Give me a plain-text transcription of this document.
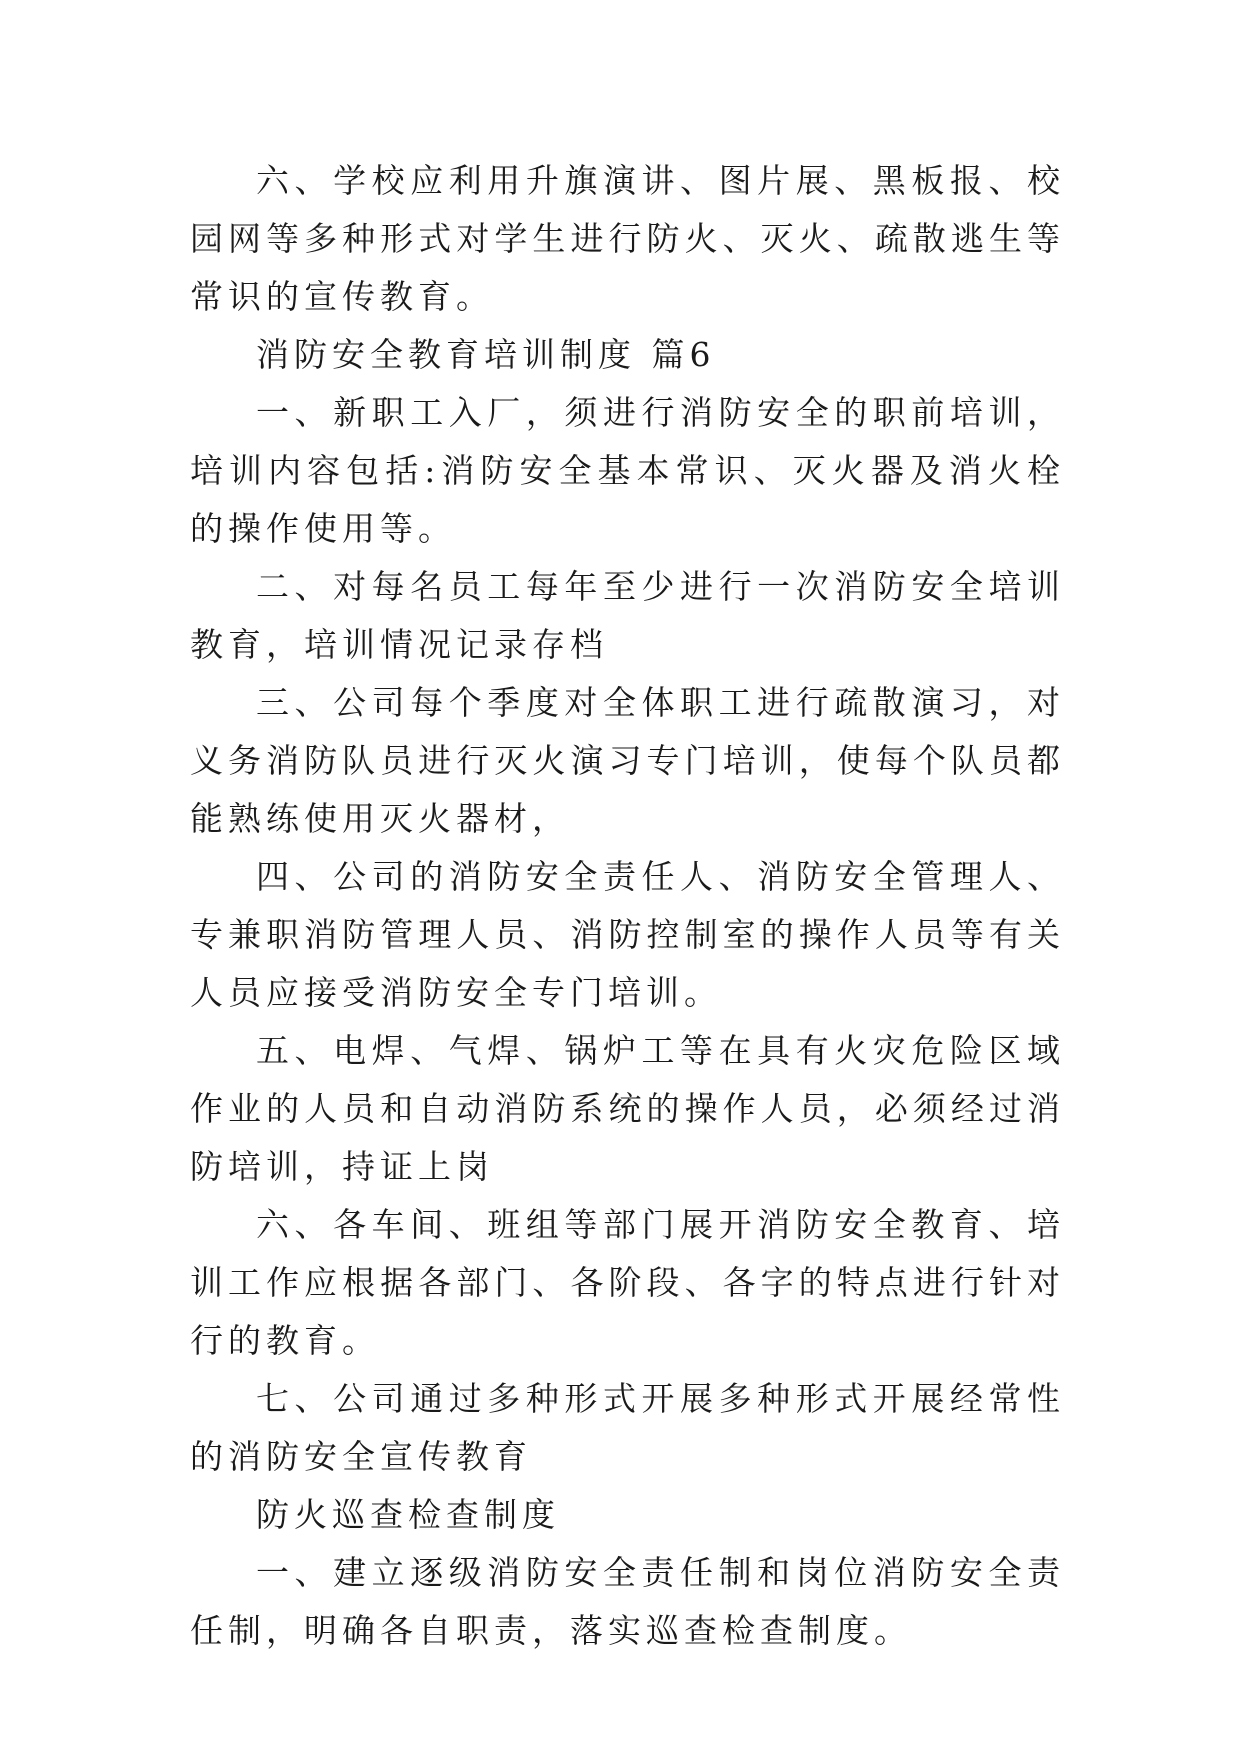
六、学校应利用升旗演讲、图片展、黑板报、校园网等多种形式对学生进行防火、灭火、疏散逃生等常识的宣传教育。

消防安全教育培训制度 篇6

一、新职工入厂，须进行消防安全的职前培训，培训内容包括:消防安全基本常识、灭火器及消火栓的操作使用等。

二、对每名员工每年至少进行一次消防安全培训教育，培训情况记录存档

三、公司每个季度对全体职工进行疏散演习，对义务消防队员进行灭火演习专门培训，使每个队员都能熟练使用灭火器材，

四、公司的消防安全责任人、消防安全管理人、专兼职消防管理人员、消防控制室的操作人员等有关人员应接受消防安全专门培训。

五、电焊、气焊、锅炉工等在具有火灾危险区域作业的人员和自动消防系统的操作人员，必须经过消防培训，持证上岗

六、各车间、班组等部门展开消防安全教育、培训工作应根据各部门、各阶段、各字的特点进行针对行的教育。

七、公司通过多种形式开展多种形式开展经常性的消防安全宣传教育

防火巡查检查制度

一、建立逐级消防安全责任制和岗位消防安全责任制，明确各自职责，落实巡查检查制度。
